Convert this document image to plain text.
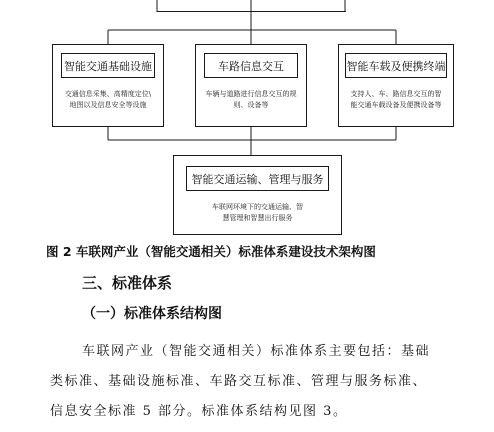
智能交通基础设施
交通信息采集、高精度定位\
地图以及信息安全等设施
车路信息交互
车辆与道路进行信息交互的规
则、设备等
智能车载及便携终端
支持人、车、路信息交互的智
能交通车载设备及便携设备等
智能交通运输、管理与服务
车联网环境下的交通运输、智
慧管理和智慧出行服务
图 2 车联网产业（智能交通相关）标准体系建设技术架构图
三、标准体系
（一）标准体系结构图
车联网产业（智能交通相关）标准体系主要包括：基础
类标准、基础设施标准、车路交互标准、管理与服务标准、
信息安全标准 5 部分。标准体系结构见图 3。
